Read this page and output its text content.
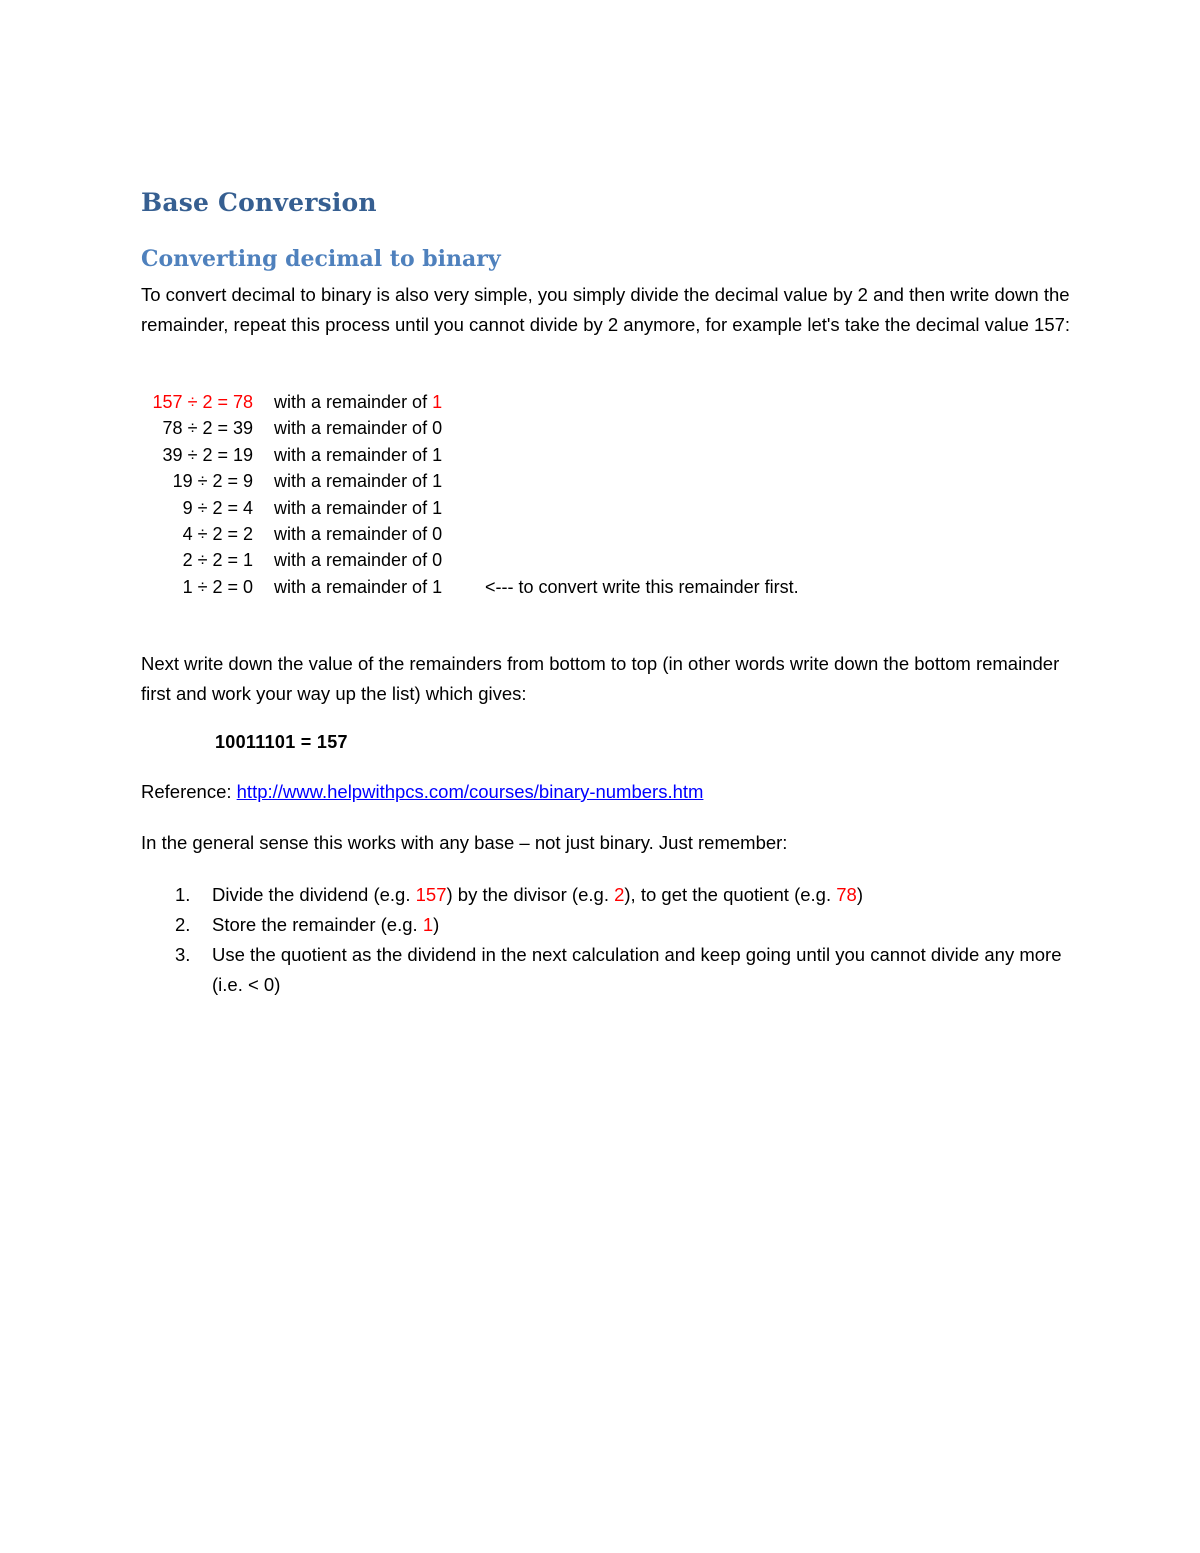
Base Conversion
Converting decimal to binary

To convert decimal to binary is also very simple, you simply divide the decimal value by 2 and then write down the remainder, repeat this process until you cannot divide by 2 anymore, for example let's take the decimal value 157:

157 ÷ 2 = 78 with a remainder of 1
78 ÷ 2 = 39 with a remainder of 0
39 ÷ 2 = 19 with a remainder of 1
19 ÷ 2 = 9 with a remainder of 1
9 ÷ 2 = 4 with a remainder of 1
4 ÷ 2 = 2 with a remainder of 0
2 ÷ 2 = 1 with a remainder of 0
1 ÷ 2 = 0 with a remainder of 1 <--- to convert write this remainder first.

Next write down the value of the remainders from bottom to top (in other words write down the bottom remainder first and work your way up the list) which gives:

10011101 = 157
Reference: http://www.helpwithpcs.com/courses/binary-numbers.htm
In the general sense this works with any base – not just binary. Just remember:
1. Divide the dividend (e.g. 157) by the divisor (e.g. 2), to get the quotient (e.g. 78)
2. Store the remainder (e.g. 1)
3. Use the quotient as the dividend in the next calculation and keep going until you cannot divide any more (i.e. < 0)
